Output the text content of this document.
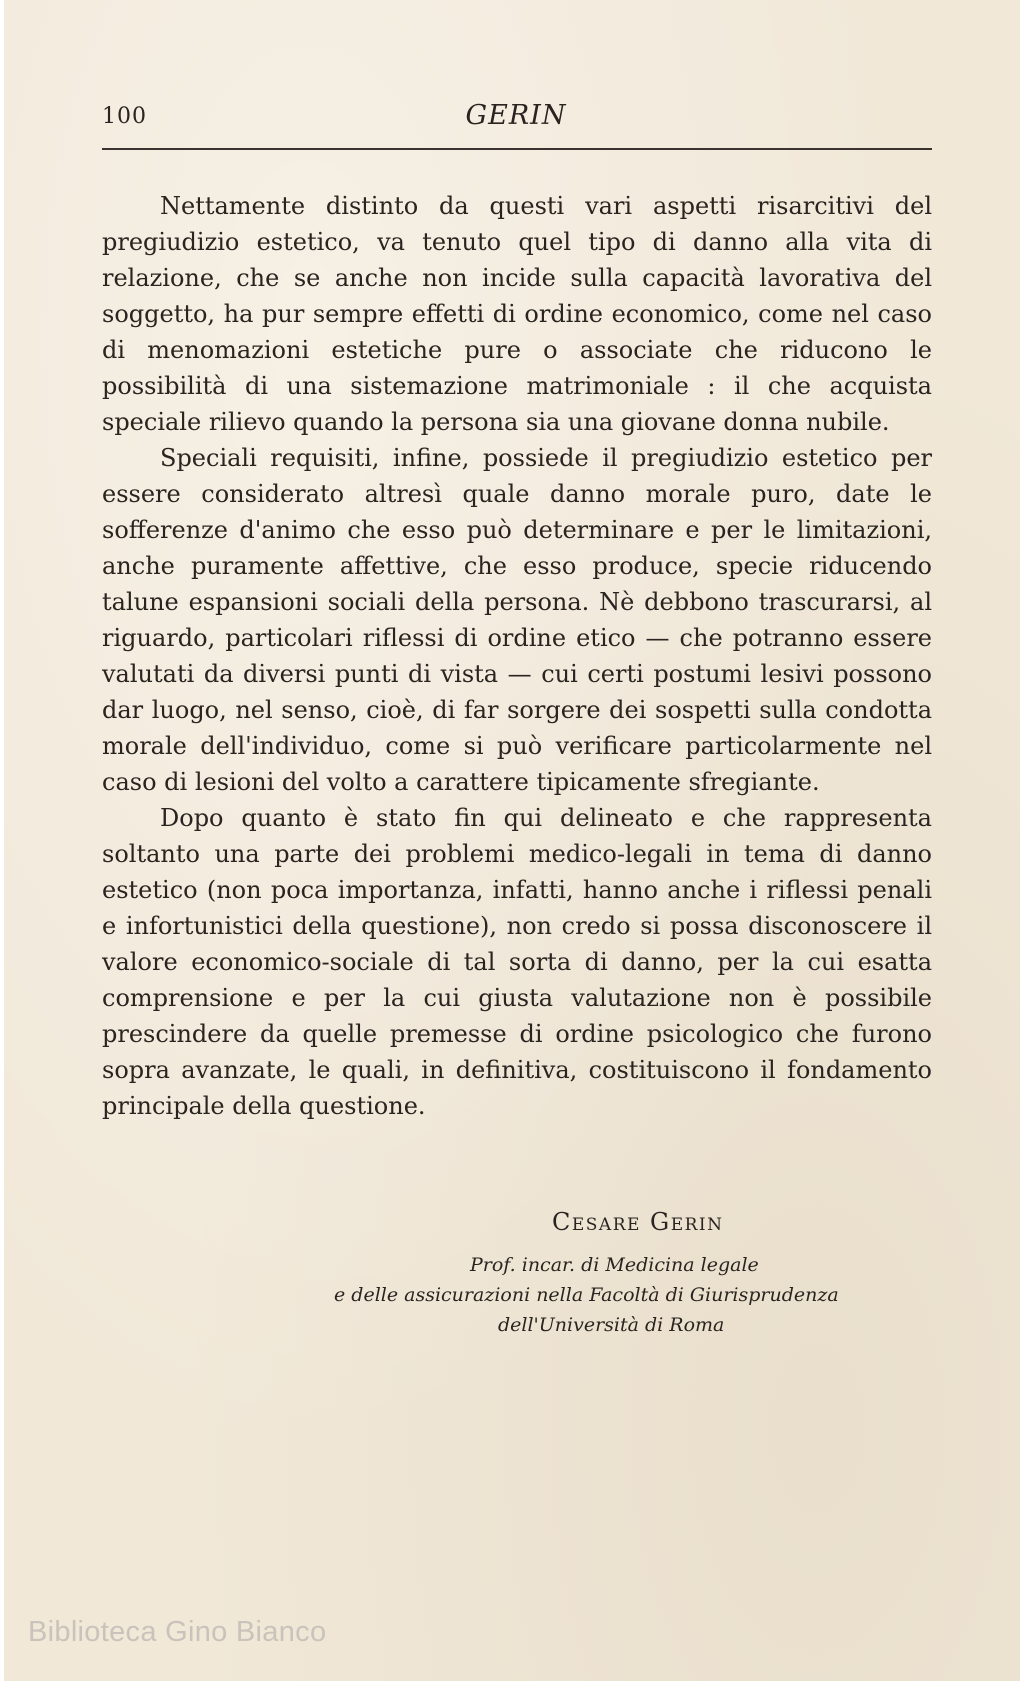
100	GERIN

Nettamente distinto da questi vari aspetti risarcitivi del pregiudizio estetico, va tenuto quel tipo di danno alla vita di relazione, che se anche non incide sulla capacità lavorativa del soggetto, ha pur sempre effetti di ordine economico, come nel caso di menomazioni estetiche pure o associate che riducono le possibilità di una sistemazione matrimoniale : il che acquista speciale rilievo quando la persona sia una giovane donna nubile.

Speciali requisiti, infine, possiede il pregiudizio estetico per essere considerato altresì quale danno morale puro, date le sofferenze d'animo che esso può determinare e per le limitazioni, anche puramente affettive, che esso produce, specie riducendo talune espansioni sociali della persona. Nè debbono trascurarsi, al riguardo, particolari riflessi di ordine etico — che potranno essere valutati da diversi punti di vista — cui certi postumi lesivi possono dar luogo, nel senso, cioè, di far sorgere dei sospetti sulla condotta morale dell'individuo, come si può verificare particolarmente nel caso di lesioni del volto a carattere tipicamente sfregiante.

Dopo quanto è stato fin qui delineato e che rappresenta soltanto una parte dei problemi medico-legali in tema di danno estetico (non poca importanza, infatti, hanno anche i riflessi penali e infortunistici della questione), non credo si possa disconoscere il valore economico-sociale di tal sorta di danno, per la cui esatta comprensione e per la cui giusta valutazione non è possibile prescindere da quelle premesse di ordine psicologico che furono sopra avanzate, le quali, in definitiva, costituiscono il fondamento principale della questione.

Cesare Gerin
Prof. incar. di Medicina legale
e delle assicurazioni nella Facoltà di Giurisprudenza
dell'Università di Roma
Biblioteca Gino Bianco
